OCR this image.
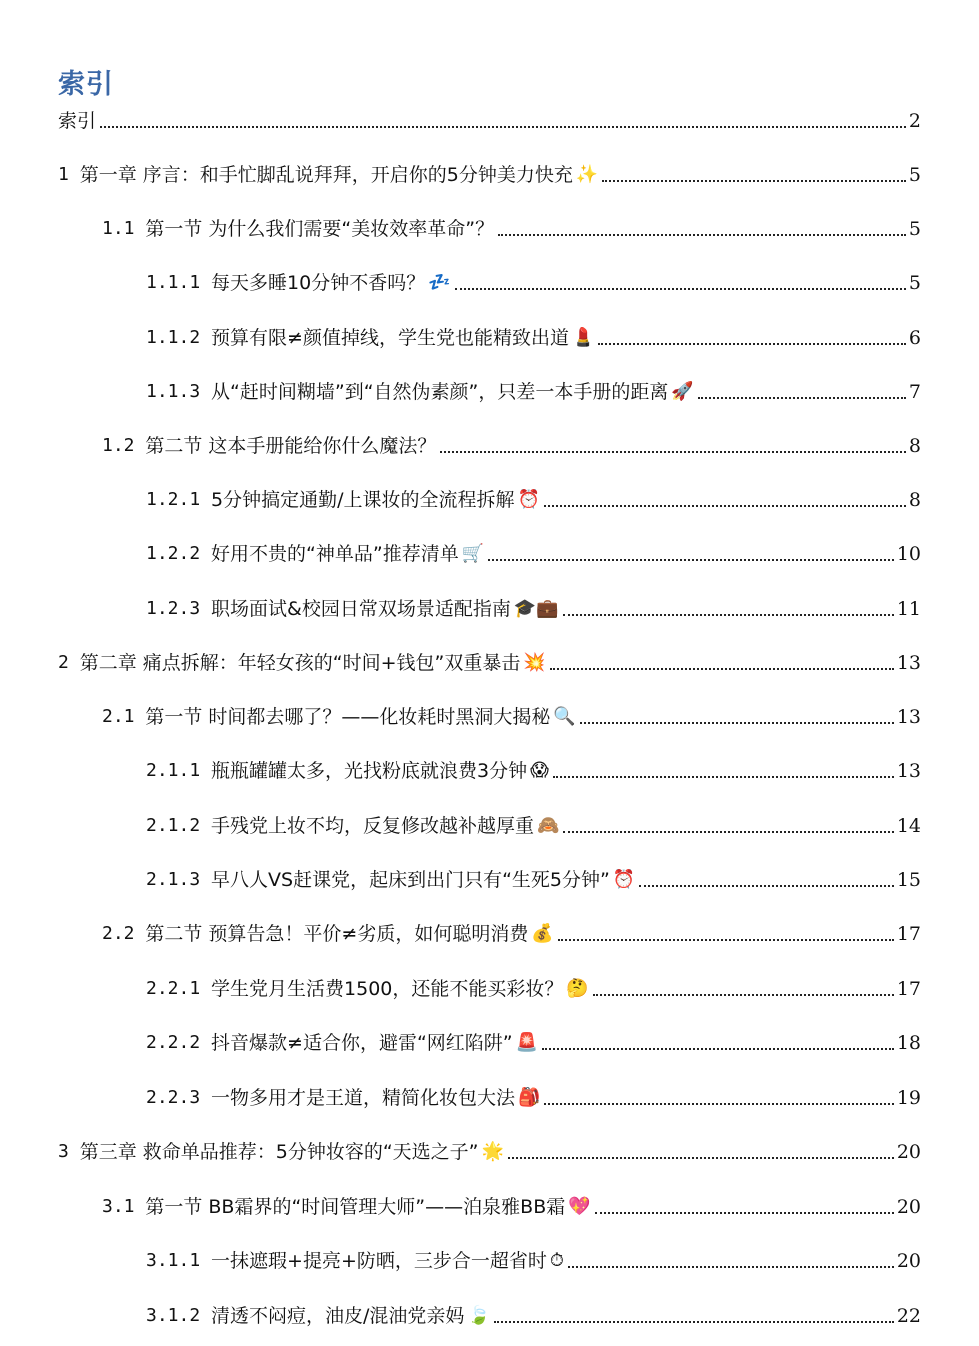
索引
索引	2
1 第一章 序言：和手忙脚乱说拜拜，开启你的5分钟美力快充 ✨	5
1.1 第一节 为什么我们需要“美妆效率革命”？	5
1.1.1 每天多睡10分钟不香吗？ 💤	5
1.1.2 预算有限≠颜值掉线，学生党也能精致出道 💄	6
1.1.3 从“赶时间糊墙”到“自然伪素颜”，只差一本手册的距离 🚀	7
1.2 第二节 这本手册能给你什么魔法？	8
1.2.1 5分钟搞定通勤/上课妆的全流程拆解 ⏰	8
1.2.2 好用不贵的“神单品”推荐清单 🛒	10
1.2.3 职场面试&校园日常双场景适配指南 🎓💼	11
2 第二章 痛点拆解：年轻女孩的“时间+钱包”双重暴击 💥	13
2.1 第一节 时间都去哪了？——化妆耗时黑洞大揭秘 🔍	13
2.1.1 瓶瓶罐罐太多，光找粉底就浪费3分钟 😱	13
2.1.2 手残党上妆不均，反复修改越补越厚重 🙈	14
2.1.3 早八人VS赶课党，起床到出门只有“生死5分钟” ⏰	15
2.2 第二节 预算告急！平价≠劣质，如何聪明消费 💰	17
2.2.1 学生党月生活费1500，还能不能买彩妆？ 🤔	17
2.2.2 抖音爆款≠适合你，避雷“网红陷阱” 🚨	18
2.2.3 一物多用才是王道，精简化妆包大法 🎒	19
3 第三章 救命单品推荐：5分钟妆容的“天选之子” 🌟	20
3.1 第一节 BB霜界的“时间管理大师”——泊泉雅BB霜 💖	20
3.1.1 一抹遮瑕+提亮+防晒，三步合一超省时 ⏱	20
3.1.2 清透不闷痘，油皮/混油党亲妈 🍃	22
